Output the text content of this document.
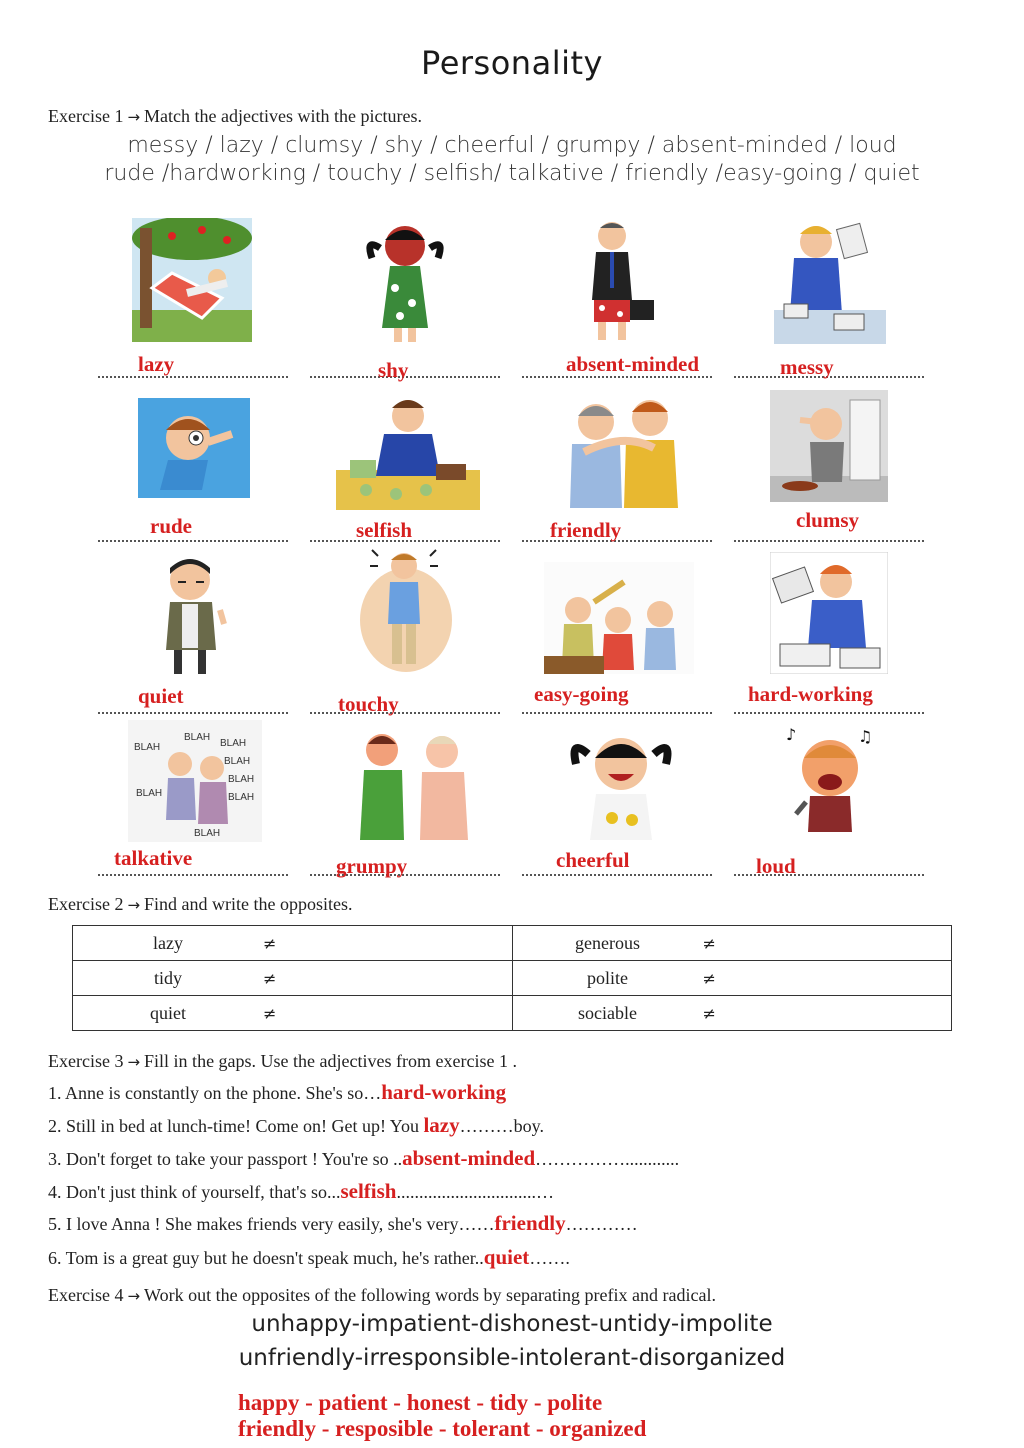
Personality
Exercise 1 → Match the adjectives with the pictures.
messy / lazy / clumsy / shy / cheerful / grumpy / absent-minded / loud
rude /hardworking / touchy / selfish/ talkative / friendly /easy-going / quiet
lazy	shy	absent-minded	messy
rude	selfish	friendly	clumsy
quiet	touchy	easy-going	hard-working
BLAH
BLAH
BLAH
BLAH
BLAH
BLAH	BLAH
BLAH
talkative	grumpy	cheerful
♪	♫
loud
Exercise 2 → Find and write the opposites.
lazy ≠	generous ≠
tidy ≠	polite ≠
quiet ≠	sociable ≠
Exercise 3 → Fill in the gaps. Use the adjectives from exercise 1 .
1. Anne is constantly on the phone. She's so…hard-working
2. Still in bed at lunch-time! Come on! Get up! You lazy………boy.
3. Don't forget to take your passport ! You're so ..absent-minded……………............
4. Don't just think of yourself, that's so...selfish...............................…
5. I love Anna ! She makes friends very easily, she's very……friendly…………
6. Tom is a great guy but he doesn't speak much, he's rather..quiet…….
Exercise 4 → Work out the opposites of the following words by separating prefix and radical.
unhappy-impatient-dishonest-untidy-impolite
unfriendly-irresponsible-intolerant-disorganized
happy - patient - honest - tidy - polite
friendly - resposible - tolerant - organized
